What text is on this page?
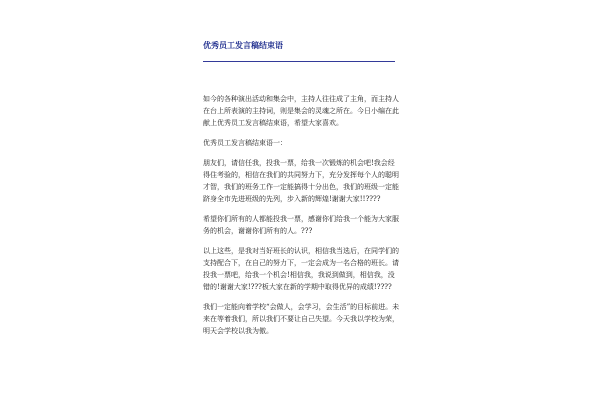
优秀员工发言稿结束语

如今的各种演出活动和集会中，主持人往往成了主角，而主持人在台上所表演的主持词，则是集会的灵魂之所在。今日小编在此献上优秀员工发言稿结束语，希望大家喜欢。

优秀员工发言稿结束语一：

朋友们，请信任我，投我一票，给我一次锻炼的机会吧!我会经得住考验的，相信在我们的共同努力下，充分发挥每个人的聪明才智，我们的班务工作一定能搞得十分出色，我们的班级一定能跻身全市先进班级的先列，步入新的辉煌!谢谢大家!!????

希望你们所有的人都能投我一票，感谢你们给我一个能为大家服务的机会，谢谢你们所有的人。???

以上这些，是我对当好班长的认识，相信我当选后，在同学们的支持配合下，在自己的努力下，一定会成为一名合格的班长。请投我一票吧，给我一个机会!相信我，我说到做到，相信我，没错的!谢谢大家!???板大家在新的学期中取得优异的成绩!????

我们一定能向着学校“会做人，会学习，会生活”的目标前进。未来在等着我们，所以我们不要让自己失望。今天我以学校为荣，明天会学校以我为傲。
